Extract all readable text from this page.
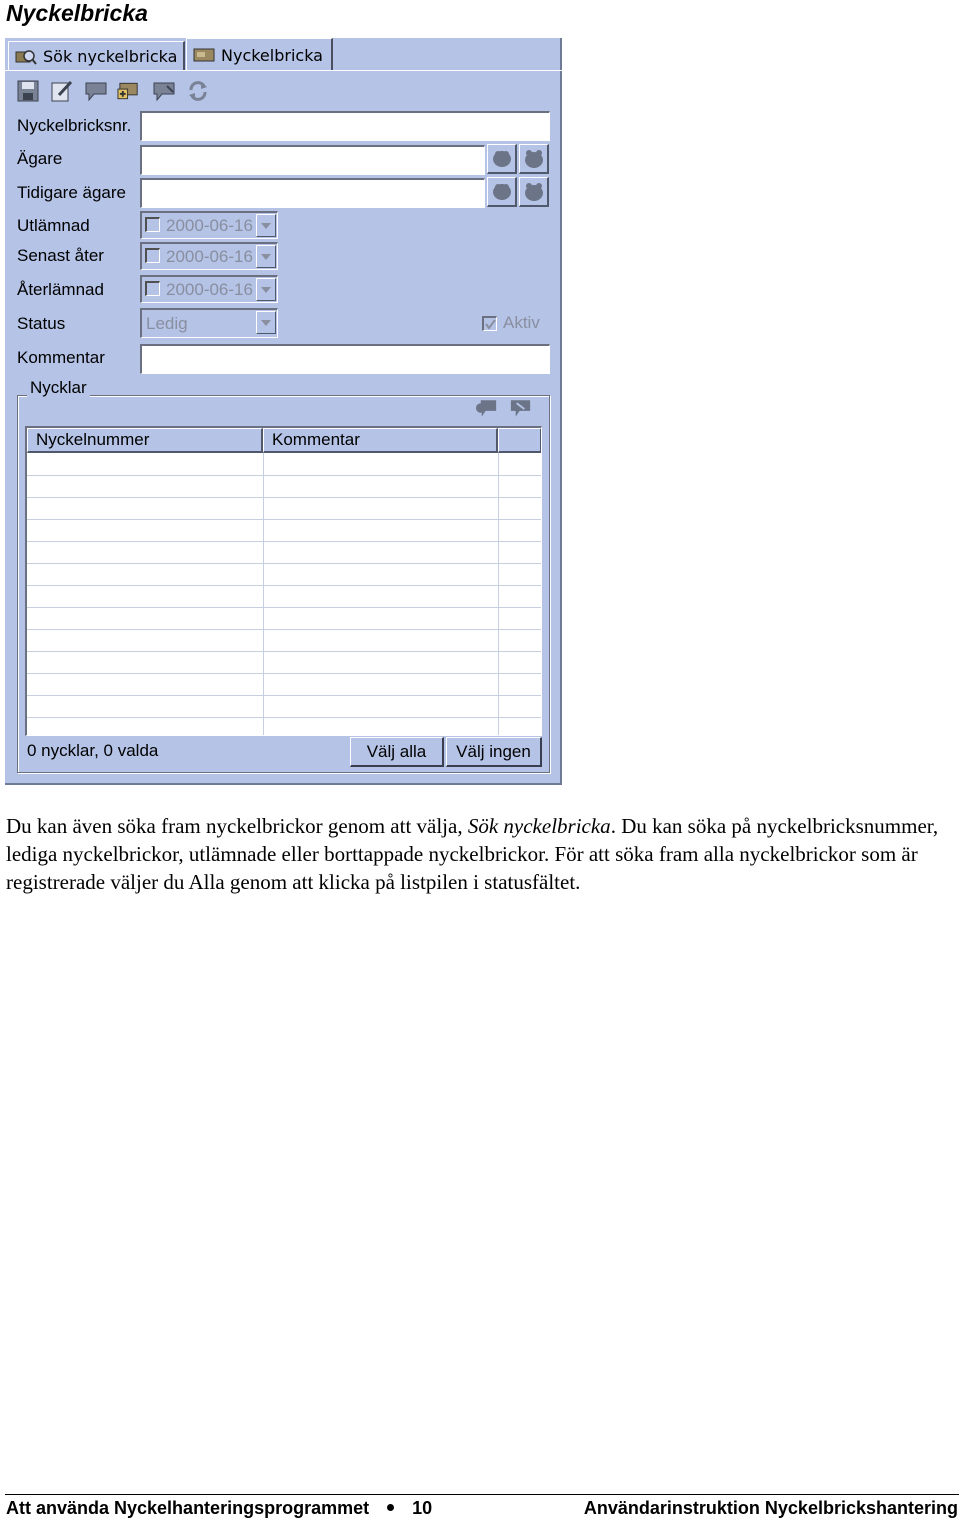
Nyckelbricka
Sök nyckelbricka	Nyckelbricka
Nyckelbricksnr.
Ägare
Tidigare ägare
Utlämnad	2000-06-16
Senast åter	2000-06-16
Återlämnad	2000-06-16
Status	Ledig	Aktiv
Kommentar
Nycklar
Nyckelnummer	Kommentar
0 nycklar, 0 valda	Välj alla	Välj ingen

Du kan även söka fram nyckelbrickor genom att välja, Sök nyckelbricka. Du kan söka på nyckelbricksnummer, lediga nyckelbrickor, utlämnade eller borttappade nyckelbrickor. För att söka fram alla nyckelbrickor som är registrerade väljer du Alla genom att klicka på listpilen i statusfältet.

Att använda Nyckelhanteringsprogrammet 10	Användarinstruktion Nyckelbrickshantering
